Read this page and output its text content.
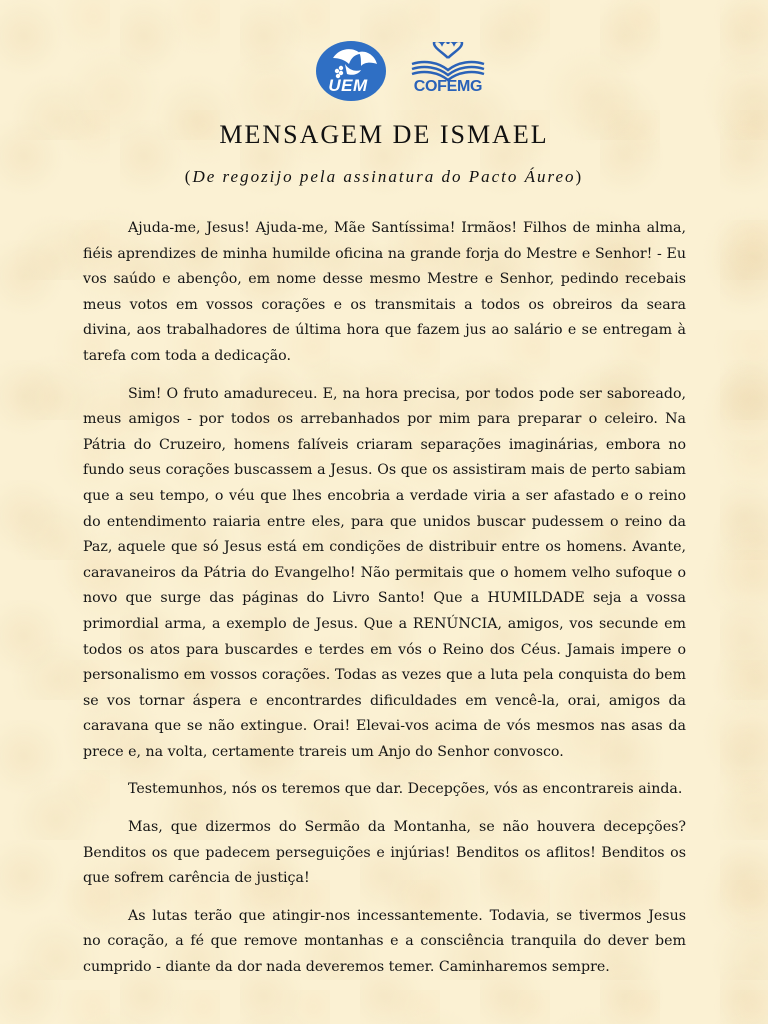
UEM	COFEMG
MENSAGEM DE ISMAEL
(De regozijo pela assinatura do Pacto Áureo)

Ajuda-me, Jesus! Ajuda-me, Mãe Santíssima! Irmãos! Filhos de minha alma, fiéis aprendizes de minha humilde oficina na grande forja do Mestre e Senhor! - Eu vos saúdo e abençôo, em nome desse mesmo Mestre e Senhor, pedindo recebais meus votos em vossos corações e os transmitais a todos os obreiros da seara divina, aos trabalhadores de última hora que fazem jus ao salário e se entregam à tarefa com toda a dedicação.

Sim! O fruto amadureceu. E, na hora precisa, por todos pode ser saboreado, meus amigos - por todos os arrebanhados por mim para preparar o celeiro. Na Pátria do Cruzeiro, homens falíveis criaram separações imaginárias, embora no fundo seus corações buscassem a Jesus. Os que os assistiram mais de perto sabiam que a seu tempo, o véu que lhes encobria a verdade viria a ser afastado e o reino do entendimento raiaria entre eles, para que unidos buscar pudessem o reino da Paz, aquele que só Jesus está em condições de distribuir entre os homens. Avante, caravaneiros da Pátria do Evangelho! Não permitais que o homem velho sufoque o novo que surge das páginas do Livro Santo! Que a HUMILDADE seja a vossa primordial arma, a exemplo de Jesus. Que a RENÚNCIA, amigos, vos secunde em todos os atos para buscardes e terdes em vós o Reino dos Céus. Jamais impere o personalismo em vossos corações. Todas as vezes que a luta pela conquista do bem se vos tornar áspera e encontrardes dificuldades em vencê-la, orai, amigos da caravana que se não extingue. Orai! Elevai-vos acima de vós mesmos nas asas da prece e, na volta, certamente trareis um Anjo do Senhor convosco.

Testemunhos, nós os teremos que dar. Decepções, vós as encontrareis ainda.

Mas, que dizermos do Sermão da Montanha, se não houvera decepções? Benditos os que padecem perseguições e injúrias! Benditos os aflitos! Benditos os que sofrem carência de justiça!

As lutas terão que atingir-nos incessantemente. Todavia, se tivermos Jesus no coração, a fé que remove montanhas e a consciência tranquila do dever bem cumprido - diante da dor nada deveremos temer. Caminharemos sempre.
